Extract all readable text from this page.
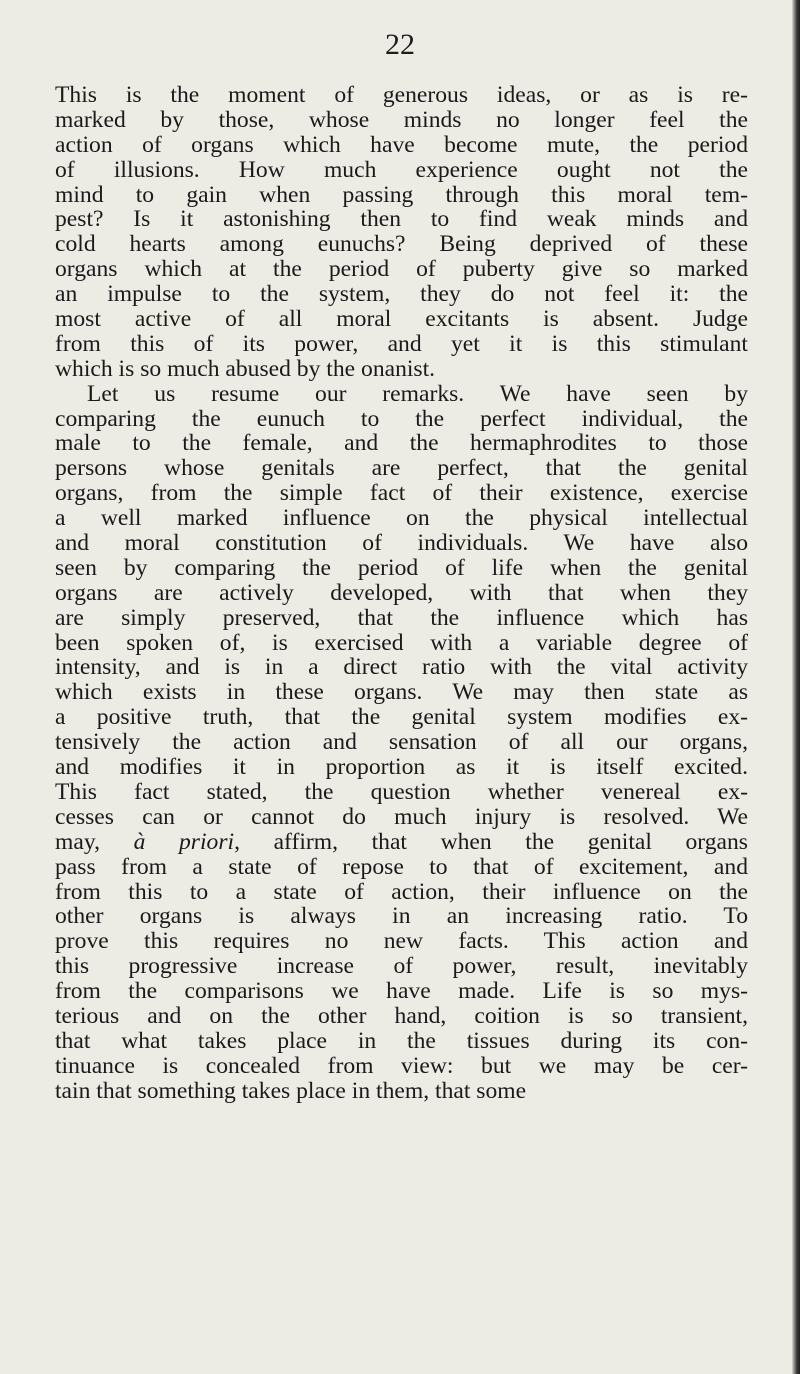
22
This is the moment of generous ideas, or as is re-
marked by those, whose minds no longer feel the
action of organs which have become mute, the period
of illusions. How much experience ought not the
mind to gain when passing through this moral tem-
pest? Is it astonishing then to find weak minds and
cold hearts among eunuchs? Being deprived of these
organs which at the period of puberty give so marked
an impulse to the system, they do not feel it: the
most active of all moral excitants is absent. Judge
from this of its power, and yet it is this stimulant
which is so much abused by the onanist.
Let us resume our remarks. We have seen by
comparing the eunuch to the perfect individual, the
male to the female, and the hermaphrodites to those
persons whose genitals are perfect, that the genital
organs, from the simple fact of their existence, exercise
a well marked influence on the physical intellectual
and moral constitution of individuals. We have also
seen by comparing the period of life when the genital
organs are actively developed, with that when they
are simply preserved, that the influence which has
been spoken of, is exercised with a variable degree of
intensity, and is in a direct ratio with the vital activity
which exists in these organs. We may then state as
a positive truth, that the genital system modifies ex-
tensively the action and sensation of all our organs,
and modifies it in proportion as it is itself excited.
This fact stated, the question whether venereal ex-
cesses can or cannot do much injury is resolved. We
may, à priori, affirm, that when the genital organs
pass from a state of repose to that of excitement, and
from this to a state of action, their influence on the
other organs is always in an increasing ratio. To
prove this requires no new facts. This action and
this progressive increase of power, result, inevitably
from the comparisons we have made. Life is so mys-
terious and on the other hand, coition is so transient,
that what takes place in the tissues during its con-
tinuance is concealed from view: but we may be cer-
tain that something takes place in them, that some
